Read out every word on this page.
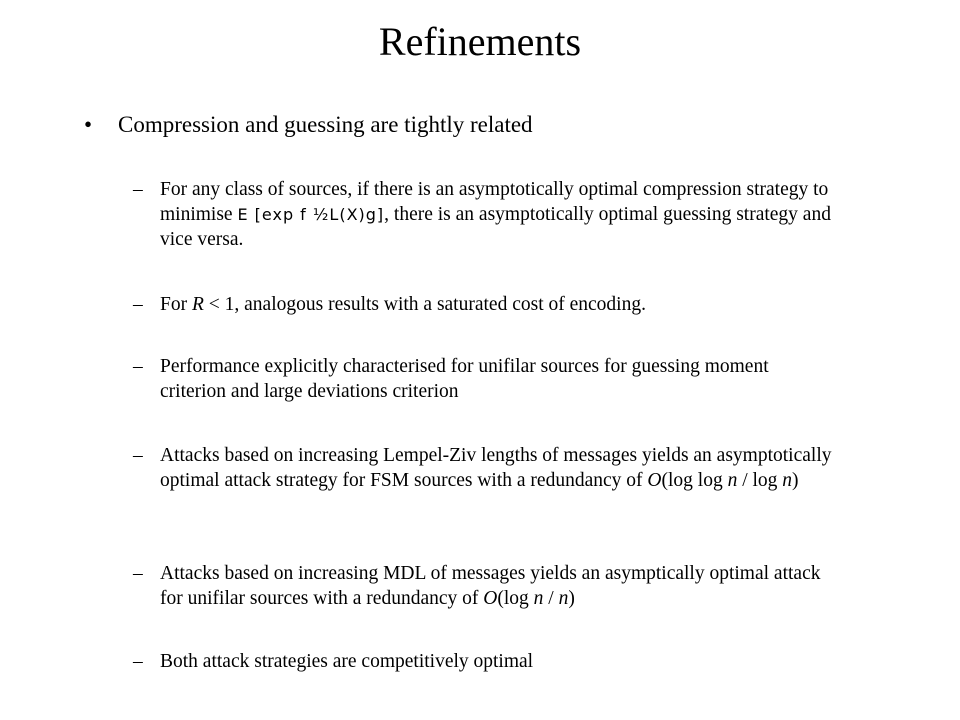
Refinements
•	Compression and guessing are tightly related
– For any class of sources, if there is an asymptotically optimal compression strategy to minimise E [exp f ½L(X)g], there is an asymptotically optimal guessing strategy and vice versa.
– For R < 1, analogous results with a saturated cost of encoding.
– Performance explicitly characterised for unifilar sources for guessing moment criterion and large deviations criterion
– Attacks based on increasing Lempel-Ziv lengths of messages yields an asymptotically optimal attack strategy for FSM sources with a redundancy of O(log log n / log n)
– Attacks based on increasing MDL of messages yields an asymptically optimal attack for unifilar sources with a redundancy of O(log n / n)
– Both attack strategies are competitively optimal
